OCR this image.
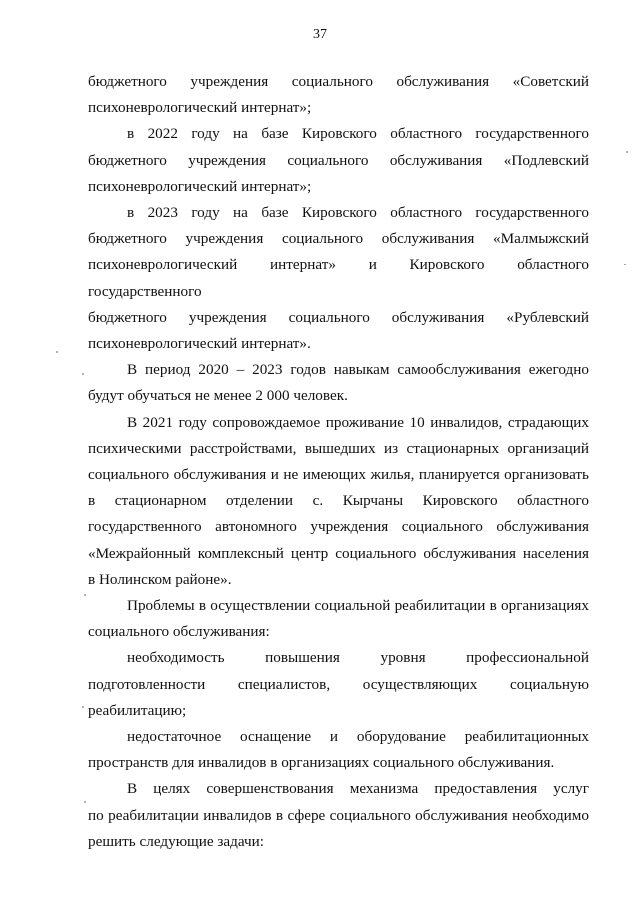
37
бюджетного учреждения социального обслуживания «Советский
психоневрологический интернат»;
в 2022 году на базе Кировского областного государственного
бюджетного учреждения социального обслуживания «Подлевский
психоневрологический интернат»;
в 2023 году на базе Кировского областного государственного
бюджетного учреждения социального обслуживания «Малмыжский
психоневрологический интернат» и Кировского областного государственного
бюджетного учреждения социального обслуживания «Рублевский
психоневрологический интернат».
В период 2020 – 2023 годов навыкам самообслуживания ежегодно
будут обучаться не менее 2 000 человек.
В 2021 году сопровождаемое проживание 10 инвалидов, страдающих
психическими расстройствами, вышедших из стационарных организаций
социального обслуживания и не имеющих жилья, планируется организовать
в стационарном отделении с. Кырчаны Кировского областного
государственного автономного учреждения социального обслуживания
«Межрайонный комплексный центр социального обслуживания населения
в Нолинском районе».
Проблемы в осуществлении социальной реабилитации в организациях
социального обслуживания:
необходимость повышения уровня профессиональной
подготовленности специалистов, осуществляющих социальную
реабилитацию;
недостаточное оснащение и оборудование реабилитационных
пространств для инвалидов в организациях социального обслуживания.
В целях совершенствования механизма предоставления услуг
по реабилитации инвалидов в сфере социального обслуживания необходимо
решить следующие задачи:
